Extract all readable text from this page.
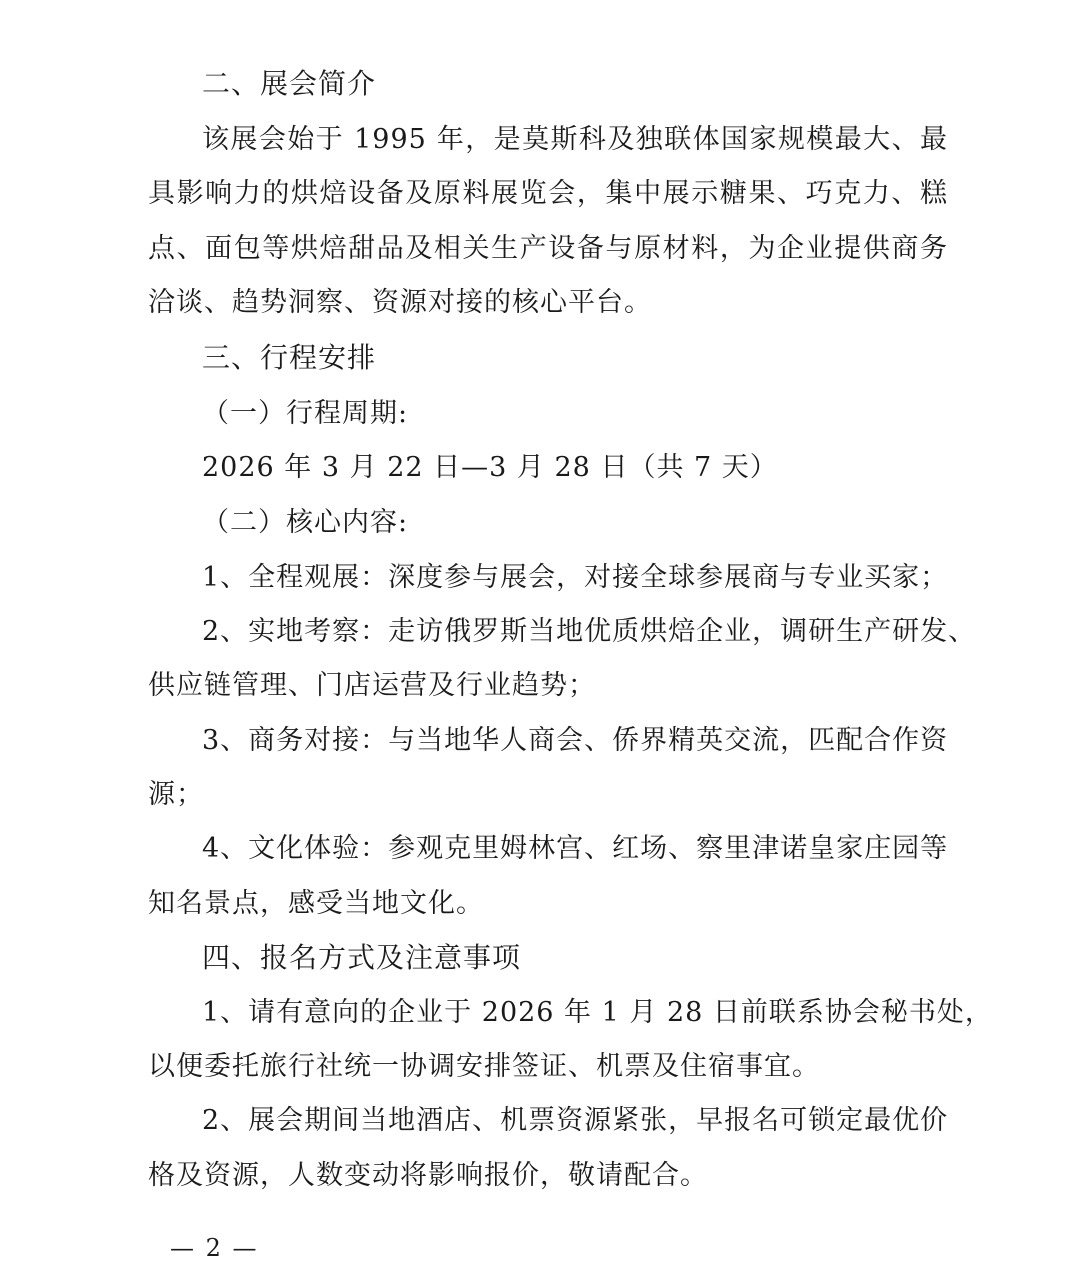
二、展会简介
该展会始于 1995 年，是莫斯科及独联体国家规模最大、最
具影响力的烘焙设备及原料展览会，集中展示糖果、巧克力、糕
点、面包等烘焙甜品及相关生产设备与原材料，为企业提供商务
洽谈、趋势洞察、资源对接的核心平台。
三、行程安排
（一）行程周期:
2026 年 3 月 22 日—3 月 28 日（共 7 天）
（二）核心内容:
1、全程观展：深度参与展会，对接全球参展商与专业买家；
2、实地考察：走访俄罗斯当地优质烘焙企业，调研生产研发、
供应链管理、门店运营及行业趋势；
3、商务对接：与当地华人商会、侨界精英交流，匹配合作资
源；
4、文化体验：参观克里姆林宫、红场、察里津诺皇家庄园等
知名景点，感受当地文化。
四、报名方式及注意事项
1、请有意向的企业于 2026 年 1 月 28 日前联系协会秘书处，
以便委托旅行社统一协调安排签证、机票及住宿事宜。
2、展会期间当地酒店、机票资源紧张，早报名可锁定最优价
格及资源，人数变动将影响报价，敬请配合。
— 2 —
